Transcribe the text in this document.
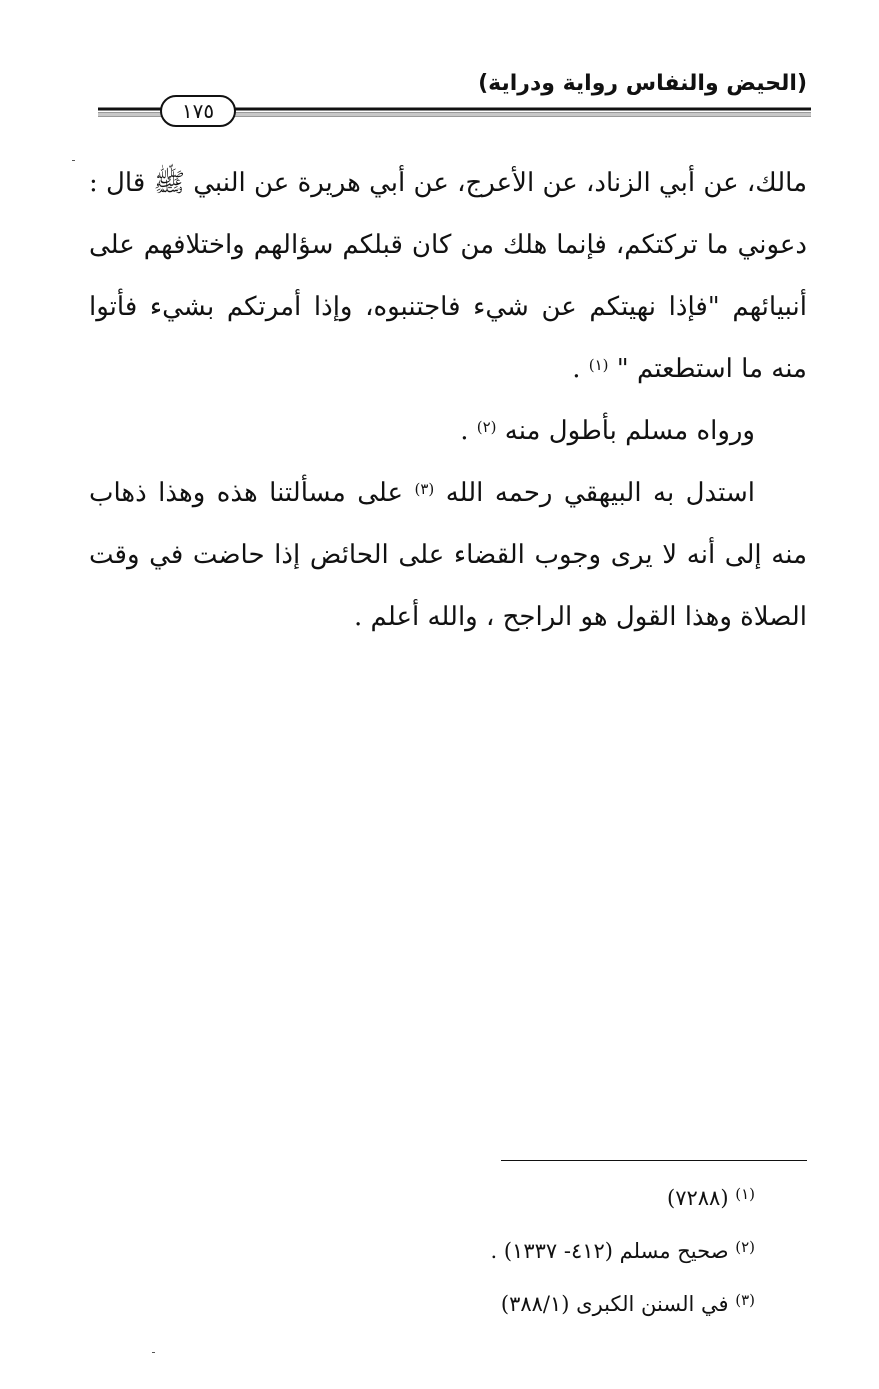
(الحيض والنفاس رواية ودراية)
١٧٥

مالك، عن أبي الزناد، عن الأعرج، عن أبي هريرة عن النبي ﷺ قال : دعوني ما تركتكم، فإنما هلك من كان قبلكم سؤالهم واختلافهم على أنبيائهم "فإذا نهيتكم عن شيء فاجتنبوه، وإذا أمرتكم بشيء فأتوا منه ما استطعتم " $^{(١)}$ .

ورواه مسلم بأطول منه $^{(٢)}$ .

استدل به البيهقي رحمه الله $^{(٣)}$ على مسألتنا هذه وهذا ذهاب منه إلى أنه لا يرى وجوب القضاء على الحائض إذا حاضت في وقت الصلاة وهذا القول هو الراجح ، والله أعلم .

$^{(١)}$ (٧٢٨٨)

$^{(٢)}$ صحيح مسلم (٤١٢- ١٣٣٧) .

$^{(٣)}$ في السنن الكبرى (٣٨٨/١)
